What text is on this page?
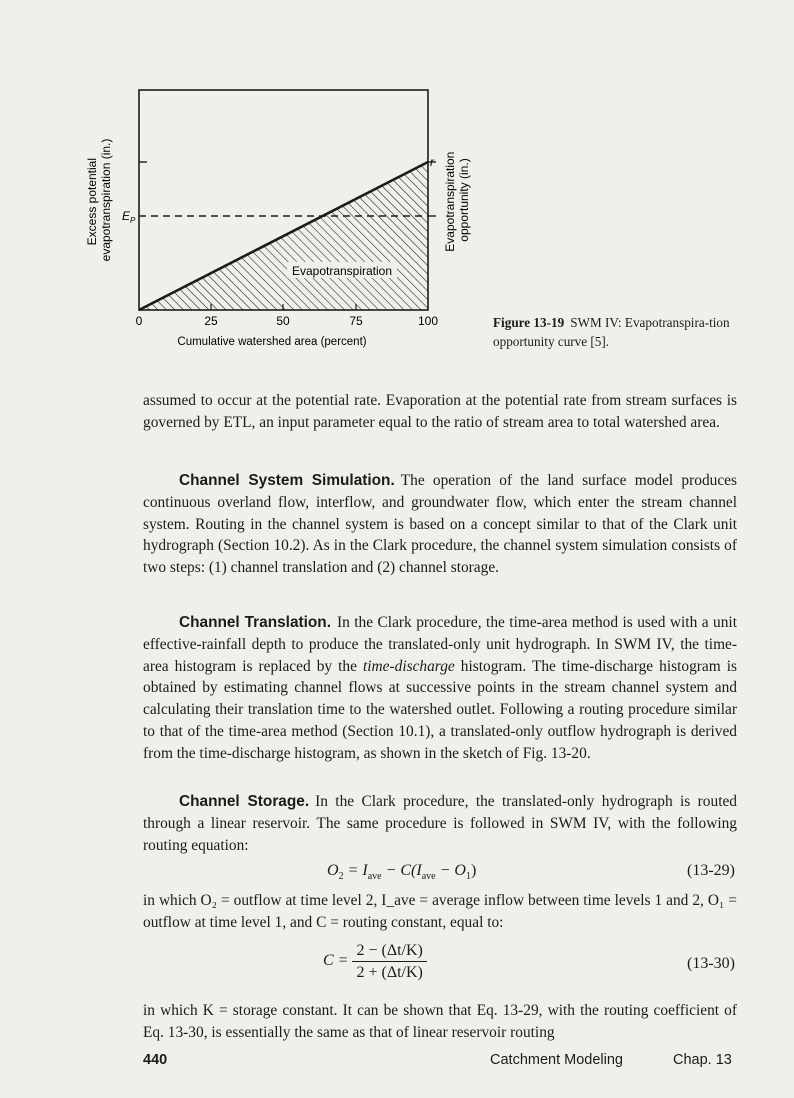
Evapotranspiration
$E_P$
r
Excess potential evapotranspiration (in.)	Evapotranspiration opportunity (in.)
0	25	50	75	100
Cumulative watershed area (percent)
Figure 13-19 SWM IV: Evapotranspira-tion opportunity curve [5].

assumed to occur at the potential rate. Evaporation at the potential rate from stream surfaces is governed by ETL, an input parameter equal to the ratio of stream area to total watershed area.

Channel System Simulation. The operation of the land surface model produces continuous overland flow, interflow, and groundwater flow, which enter the stream channel system. Routing in the channel system is based on a concept similar to that of the Clark unit hydrograph (Section 10.2). As in the Clark procedure, the channel system simulation consists of two steps: (1) channel translation and (2) channel storage.

Channel Translation. In the Clark procedure, the time-area method is used with a unit effective-rainfall depth to produce the translated-only unit hydrograph. In SWM IV, the time-area histogram is replaced by the time-discharge histogram. The time-discharge histogram is obtained by estimating channel flows at successive points in the stream channel system and calculating their translation time to the watershed outlet. Following a routing procedure similar to that of the time-area method (Section 10.1), a translated-only outflow hydrograph is derived from the time-discharge histogram, as shown in the sketch of Fig. 13-20.

Channel Storage. In the Clark procedure, the translated-only hydrograph is routed through a linear reservoir. The same procedure is followed in SWM IV, with the following routing equation:

$O_2 = I_{ave} - C(I_{ave} - O_1)$	(13-29)

in which O₂ = outflow at time level 2, I_ave = average inflow between time levels 1 and 2, O₁ = outflow at time level 1, and C = routing constant, equal to:

$C = \frac{2 - (\Delta t/K)}{2 + (\Delta t/K)}$	(13-30)

in which K = storage constant. It can be shown that Eq. 13-29, with the routing coefficient of Eq. 13-30, is essentially the same as that of linear reservoir routing

440	Catchment Modeling	Chap. 13
